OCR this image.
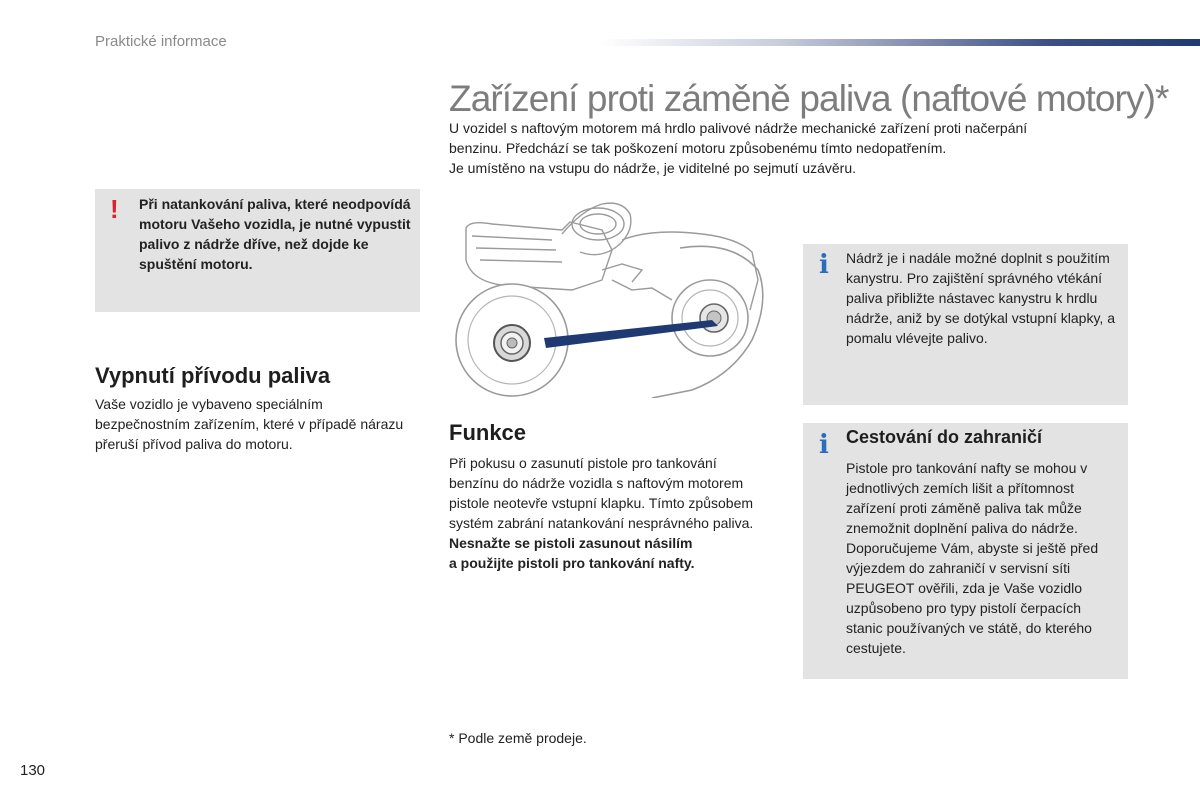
Praktické informace
Zařízení proti záměně paliva (naftové motory)*

U vozidel s naftovým motorem má hrdlo palivové nádrže mechanické zařízení proti načerpání

benzinu. Předchází se tak poškození motoru způsobenému tímto nedopatřením.

Je umístěno na vstupu do nádrže, je viditelné po sejmutí uzávěru.

! Při natankování paliva, které neodpovídá motoru Vašeho vozidla, je nutné vypustit palivo z nádrže dříve, než dojde ke spuštění motoru.
Vypnutí přívodu paliva
Vaše vozidlo je vybaveno speciálním bezpečnostním zařízením, které v případě nárazu přeruší přívod paliva do motoru.	Funkce
Při pokusu o zasunutí pistole pro tankování benzínu do nádrže vozidla s naftovým motorem pistole neotevře vstupní klapku. Tímto způsobem systém zabrání natankování nesprávného paliva.
Nesnažte se pistoli zasunout násilím
a použijte pistoli pro tankování nafty.
i Nádrž je i nadále možné doplnit s použitím kanystru. Pro zajištění správného vtékání paliva přibližte nástavec kanystru k hrdlu nádrže, aniž by se dotýkal vstupní klapky, a pomalu vlévejte palivo.
i Cestování do zahraničí
Pistole pro tankování nafty se mohou v jednotlivých zemích lišit a přítomnost zařízení proti záměně paliva tak může znemožnit doplnění paliva do nádrže. Doporučujeme Vám, abyste si ještě před výjezdem do zahraničí v servisní síti PEUGEOT ověřili, zda je Vaše vozidlo uzpůsobeno pro typy pistolí čerpacích stanic používaných ve státě, do kterého cestujete.
* Podle země prodeje.
130
